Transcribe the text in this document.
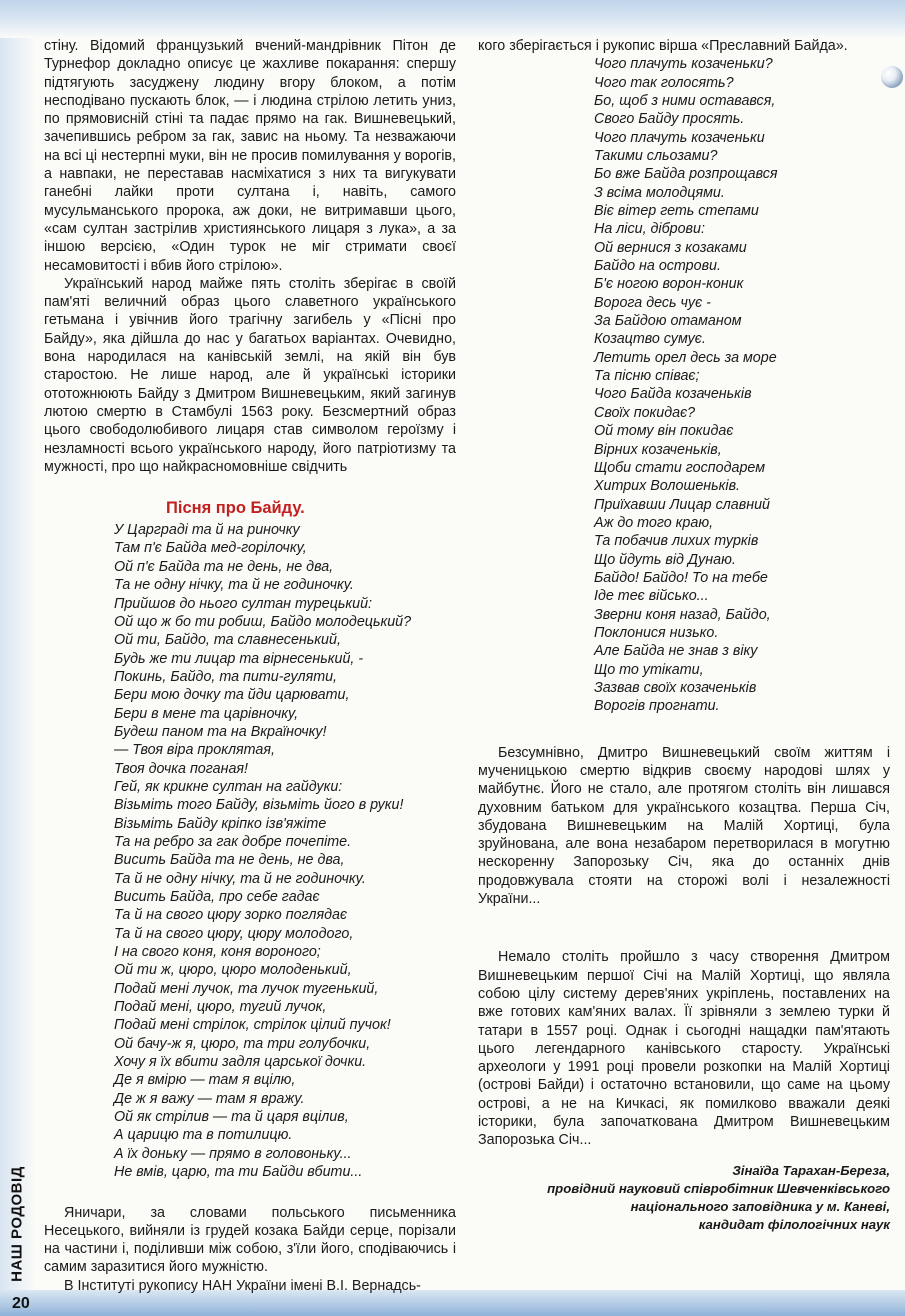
НАШ РОДОВІД
20

стіну. Відомий французький вчений-мандрівник Пітон де Турнефор докладно описує це жахливе покарання: спершу підтягують засуджену людину вгору блоком, а потім несподівано пускають блок, — і людина стрілою летить униз, по прямовисній стіні та падає прямо на гак. Вишневецький, зачепившись ребром за гак, завис на ньому. Та незважаючи на всі ці нестерпні муки, він не просив помилування у ворогів, а навпаки, не переставав насміхатися з них та вигукувати ганебні лайки проти султана і, навіть, самого мусульманського пророка, аж доки, не витримавши цього, «сам султан застрілив християнського лицаря з лука», а за іншою версією, «Один турок не міг стримати своєї несамовитості і вбив його стрілою».

Український народ майже пять століть зберігає в своїй пам'яті величний образ цього славетного українського гетьмана і увічнив його трагічну загибель у «Пісні про Байду», яка дійшла до нас у багатьох варіантах. Очевидно, вона народилася на канівській землі, на якій він був старостою. Не лише народ, але й українські історики ототожнюють Байду з Дмитром Вишневецьким, який загинув лютою смертю в Стамбулі 1563 року. Безсмертний образ цього свободолюбивого лицаря став символом героїзму і незламності всього українського народу, його патріотизму та мужності, про що найкрасномовніше свідчить

Пісня про Байду.
У Царграді та й на риночку
Там п'є Байда мед-горілочку,
Ой п'є Байда та не день, не два,
Та не одну нічку, та й не годиночку.
Прийшов до нього султан турецький:
Ой що ж бо ти робиш, Байдо молодецький?
Ой ти, Байдо, та славнесенький,
Будь же ти лицар та вірнесенький, -
Покинь, Байдо, та пити-гуляти,
Бери мою дочку та йди царювати,
Бери в мене та царівночку,
Будеш паном та на Вкраїночку!
— Твоя віра проклятая,
Твоя дочка поганая!
Гей, як крикне султан на гайдуки:
Візьміть того Байду, візьміть його в руки!
Візьміть Байду кріпко ізв'яжіте
Та на ребро за гак добре почепіте.
Висить Байда та не день, не два,
Та й не одну нічку, та й не годиночку.
Висить Байда, про себе гадає
Та й на свого цюру зорко поглядає
Та й на свого цюру, цюру молодого,
І на свого коня, коня вороного;
Ой ти ж, цюро, цюро молоденький,
Подай мені лучок, та лучок тугенький,
Подай мені, цюро, тугий лучок,
Подай мені стрілок, стрілок цілий пучок!
Ой бачу-ж я, цюро, та три голубочки,
Хочу я їх вбити задля царської дочки.
Де я вмірю — там я вцілю,
Де ж я важу — там я вражу.
Ой як стрілив — та й царя вцілив,
А царицю та в потилицю.
А їх доньку — прямо в головоньку...
Не вмів, царю, та ти Байди вбити...

Яничари, за словами польського письменника Несецького, вийняли із грудей козака Байди серце, порізали на частини і, поділивши між собою, з'їли його, сподіваючись і самим заразитися його мужністю.

В Інституті рукопису НАН України імені В.І. Вернадсь-

кого зберігається і рукопис вірша «Преславний Байда».

Чого плачуть козаченьки?
Чого так голосять?
Бо, щоб з ними оставався,
Свого Байду просять.
Чого плачуть козаченьки
Такими сльозами?
Бо вже Байда розпрощався
З всіма молодцями.
Віє вітер геть степами
На ліси, діброви:
Ой вернися з козаками
Байдо на острови.
Б'є ногою ворон-коник
Ворога десь чує -
За Байдою отаманом
Козацтво сумує.
Летить орел десь за море
Та пісню співає;
Чого Байда козаченьків
Своїх покидає?
Ой тому він покидає
Вірних козаченьків,
Щоби стати господарем
Хитрих Волошеньків.
Приїхавши Лицар славний
Аж до того краю,
Та побачив лихих турків
Що йдуть від Дунаю.
Байдо! Байдо! То на тебе
Іде теє військо...
Зверни коня назад, Байдо,
Поклонися низько.
Але Байда не знав з віку
Що то утікати,
Зазвав своїх козаченьків
Ворогів прогнати.

Безсумнівно, Дмитро Вишневецький своїм життям і мученицькою смертю відкрив своєму народові шлях у майбутнє. Його не стало, але протягом століть він лишався духовним батьком для українського козацтва. Перша Січ, збудована Вишневецьким на Малій Хортиці, була зруйнована, але вона незабаром перетворилася в могутню нескоренну Запорозьку Січ, яка до останніх днів продовжувала стояти на сторожі волі і незалежності України...

Немало століть пройшло з часу створення Дмитром Вишневецьким першої Січі на Малій Хортиці, що являла собою цілу систему дерев'яних укріплень, поставлених на вже готових кам'яних валах. Її зрівняли з землею турки й татари в 1557 році. Однак і сьогодні нащадки пам'ятають цього легендарного канівського старосту. Українські археологи у 1991 році провели розкопки на Малій Хортиці (острові Байди) і остаточно встановили, що саме на цьому острові, а не на Кичкасі, як помилково вважали деякі історики, була започаткована Дмитром Вишневецьким Запорозька Січ...

Зінаїда Тарахан-Береза,
провідний науковий співробітник Шевченківського
національного заповідника у м. Каневі,
кандидат філологічних наук
